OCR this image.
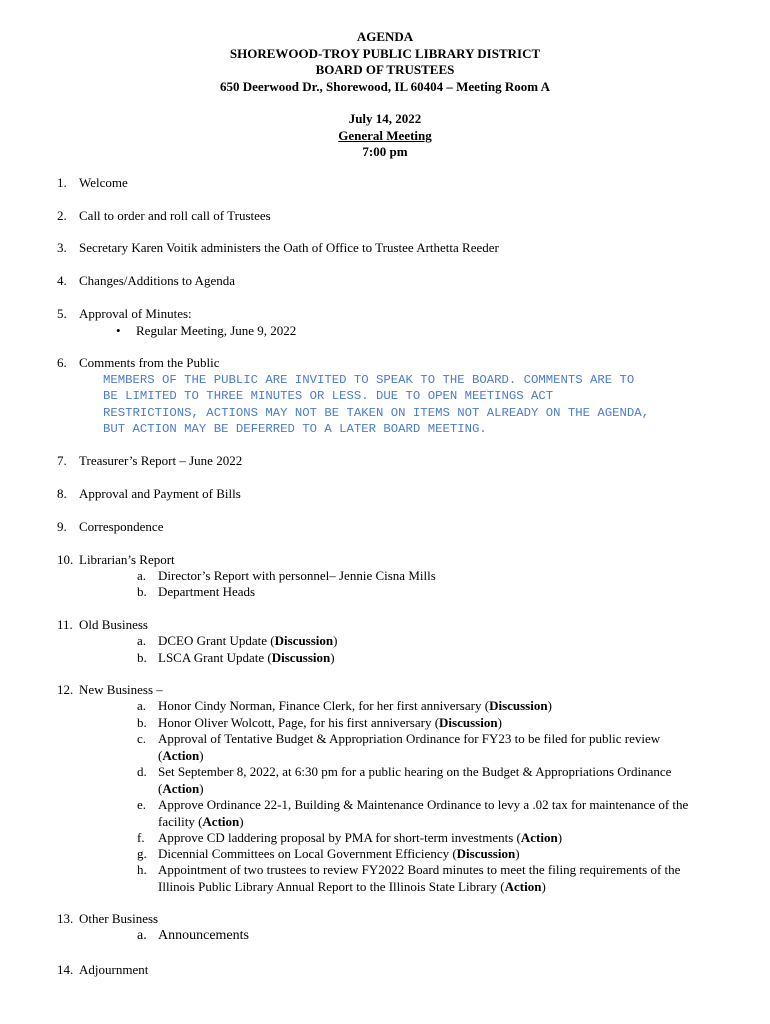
AGENDA
SHOREWOOD-TROY PUBLIC LIBRARY DISTRICT
BOARD OF TRUSTEES
650 Deerwood Dr., Shorewood, IL 60404 – Meeting Room A
July 14, 2022
General Meeting
7:00 pm
1. Welcome
2. Call to order and roll call of Trustees
3. Secretary Karen Voitik administers the Oath of Office to Trustee Arthetta Reeder
4. Changes/Additions to Agenda
5. Approval of Minutes:
• Regular Meeting, June 9, 2022
6. Comments from the Public
MEMBERS OF THE PUBLIC ARE INVITED TO SPEAK TO THE BOARD. COMMENTS ARE TO
BE LIMITED TO THREE MINUTES OR LESS. DUE TO OPEN MEETINGS ACT
RESTRICTIONS, ACTIONS MAY NOT BE TAKEN ON ITEMS NOT ALREADY ON THE AGENDA,
BUT ACTION MAY BE DEFERRED TO A LATER BOARD MEETING.
7. Treasurer’s Report – June 2022
8. Approval and Payment of Bills
9. Correspondence
10. Librarian’s Report
a. Director’s Report with personnel– Jennie Cisna Mills
b. Department Heads
11. Old Business
a. DCEO Grant Update (Discussion)
b. LSCA Grant Update (Discussion)
12. New Business –
a. Honor Cindy Norman, Finance Clerk, for her first anniversary (Discussion)
b. Honor Oliver Wolcott, Page, for his first anniversary (Discussion)
c. Approval of Tentative Budget & Appropriation Ordinance for FY23 to be filed for public review
(Action)
d. Set September 8, 2022, at 6:30 pm for a public hearing on the Budget & Appropriations Ordinance
(Action)
e. Approve Ordinance 22-1, Building & Maintenance Ordinance to levy a .02 tax for maintenance of the
facility (Action)
f. Approve CD laddering proposal by PMA for short-term investments (Action)
g. Dicennial Committees on Local Government Efficiency (Discussion)
h. Appointment of two trustees to review FY2022 Board minutes to meet the filing requirements of the
Illinois Public Library Annual Report to the Illinois State Library (Action)
13. Other Business
a. Announcements
14. Adjournment
